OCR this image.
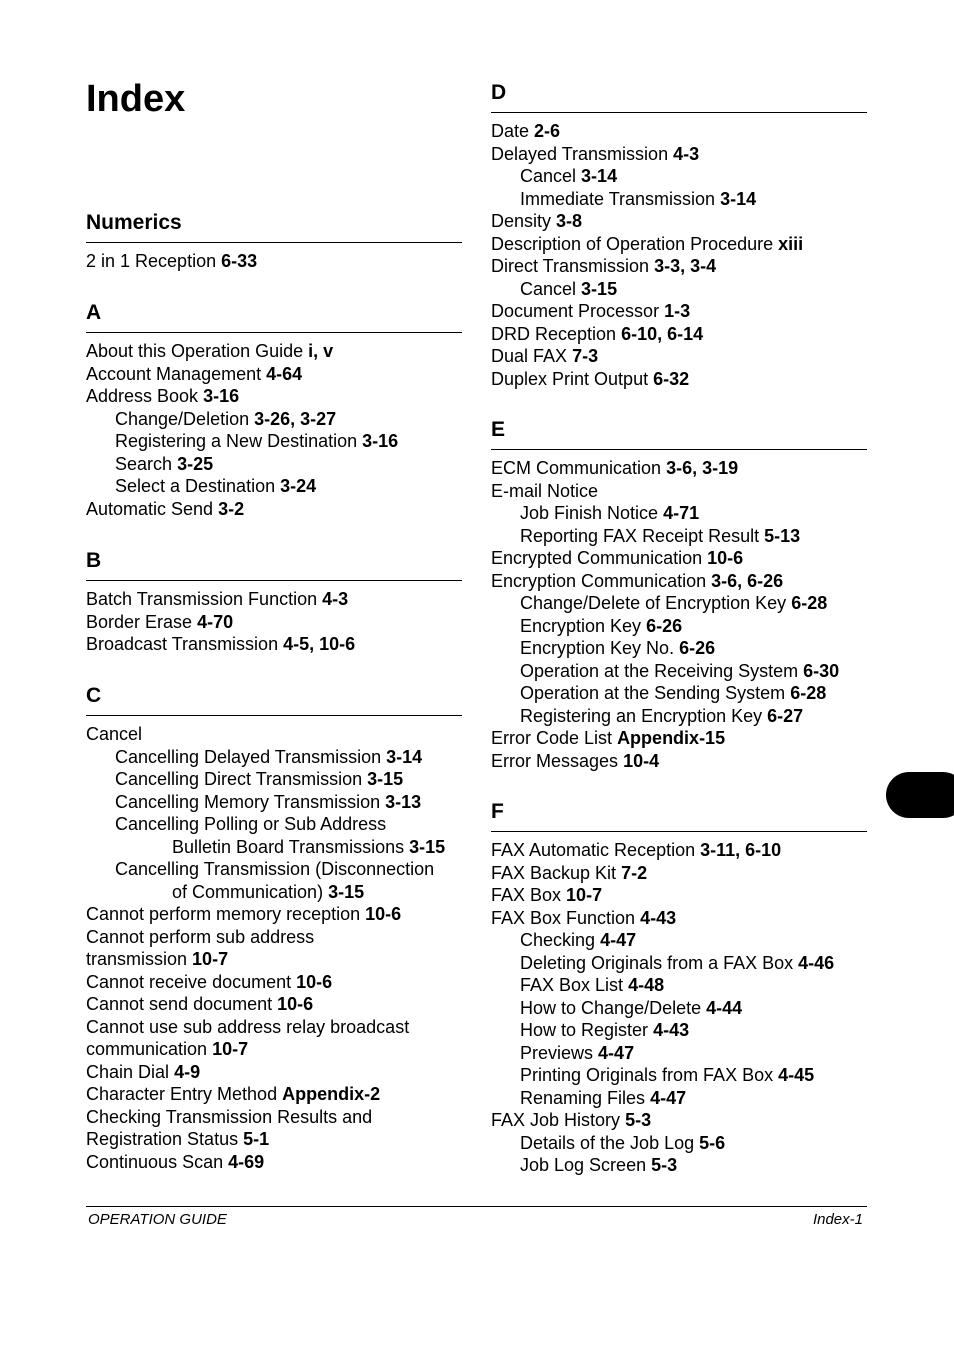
Index
Numerics
2 in 1 Reception 6-33
A
About this Operation Guide i, v
Account Management 4-64
Address Book 3-16
Change/Deletion 3-26, 3-27
Registering a New Destination 3-16
Search 3-25
Select a Destination 3-24
Automatic Send 3-2
B
Batch Transmission Function 4-3
Border Erase 4-70
Broadcast Transmission 4-5, 10-6
C
Cancel
Cancelling Delayed Transmission 3-14
Cancelling Direct Transmission 3-15
Cancelling Memory Transmission 3-13
Cancelling Polling or Sub Address
Bulletin Board Transmissions 3-15
Cancelling Transmission (Disconnection
of Communication) 3-15
Cannot perform memory reception 10-6
Cannot perform sub address
transmission 10-7
Cannot receive document 10-6
Cannot send document 10-6
Cannot use sub address relay broadcast
communication 10-7
Chain Dial 4-9
Character Entry Method Appendix-2
Checking Transmission Results and
Registration Status 5-1
Continuous Scan 4-69
D
Date 2-6
Delayed Transmission 4-3
Cancel 3-14
Immediate Transmission 3-14
Density 3-8
Description of Operation Procedure xiii
Direct Transmission 3-3, 3-4
Cancel 3-15
Document Processor 1-3
DRD Reception 6-10, 6-14
Dual FAX 7-3
Duplex Print Output 6-32
E
ECM Communication 3-6, 3-19
E-mail Notice
Job Finish Notice 4-71
Reporting FAX Receipt Result 5-13
Encrypted Communication 10-6
Encryption Communication 3-6, 6-26
Change/Delete of Encryption Key 6-28
Encryption Key 6-26
Encryption Key No. 6-26
Operation at the Receiving System 6-30
Operation at the Sending System 6-28
Registering an Encryption Key 6-27
Error Code List Appendix-15
Error Messages 10-4
F
FAX Automatic Reception 3-11, 6-10
FAX Backup Kit 7-2
FAX Box 10-7
FAX Box Function 4-43
Checking 4-47
Deleting Originals from a FAX Box 4-46
FAX Box List 4-48
How to Change/Delete 4-44
How to Register 4-43
Previews 4-47
Printing Originals from FAX Box 4-45
Renaming Files 4-47
FAX Job History 5-3
Details of the Job Log 5-6
Job Log Screen 5-3
OPERATION GUIDE	Index-1
